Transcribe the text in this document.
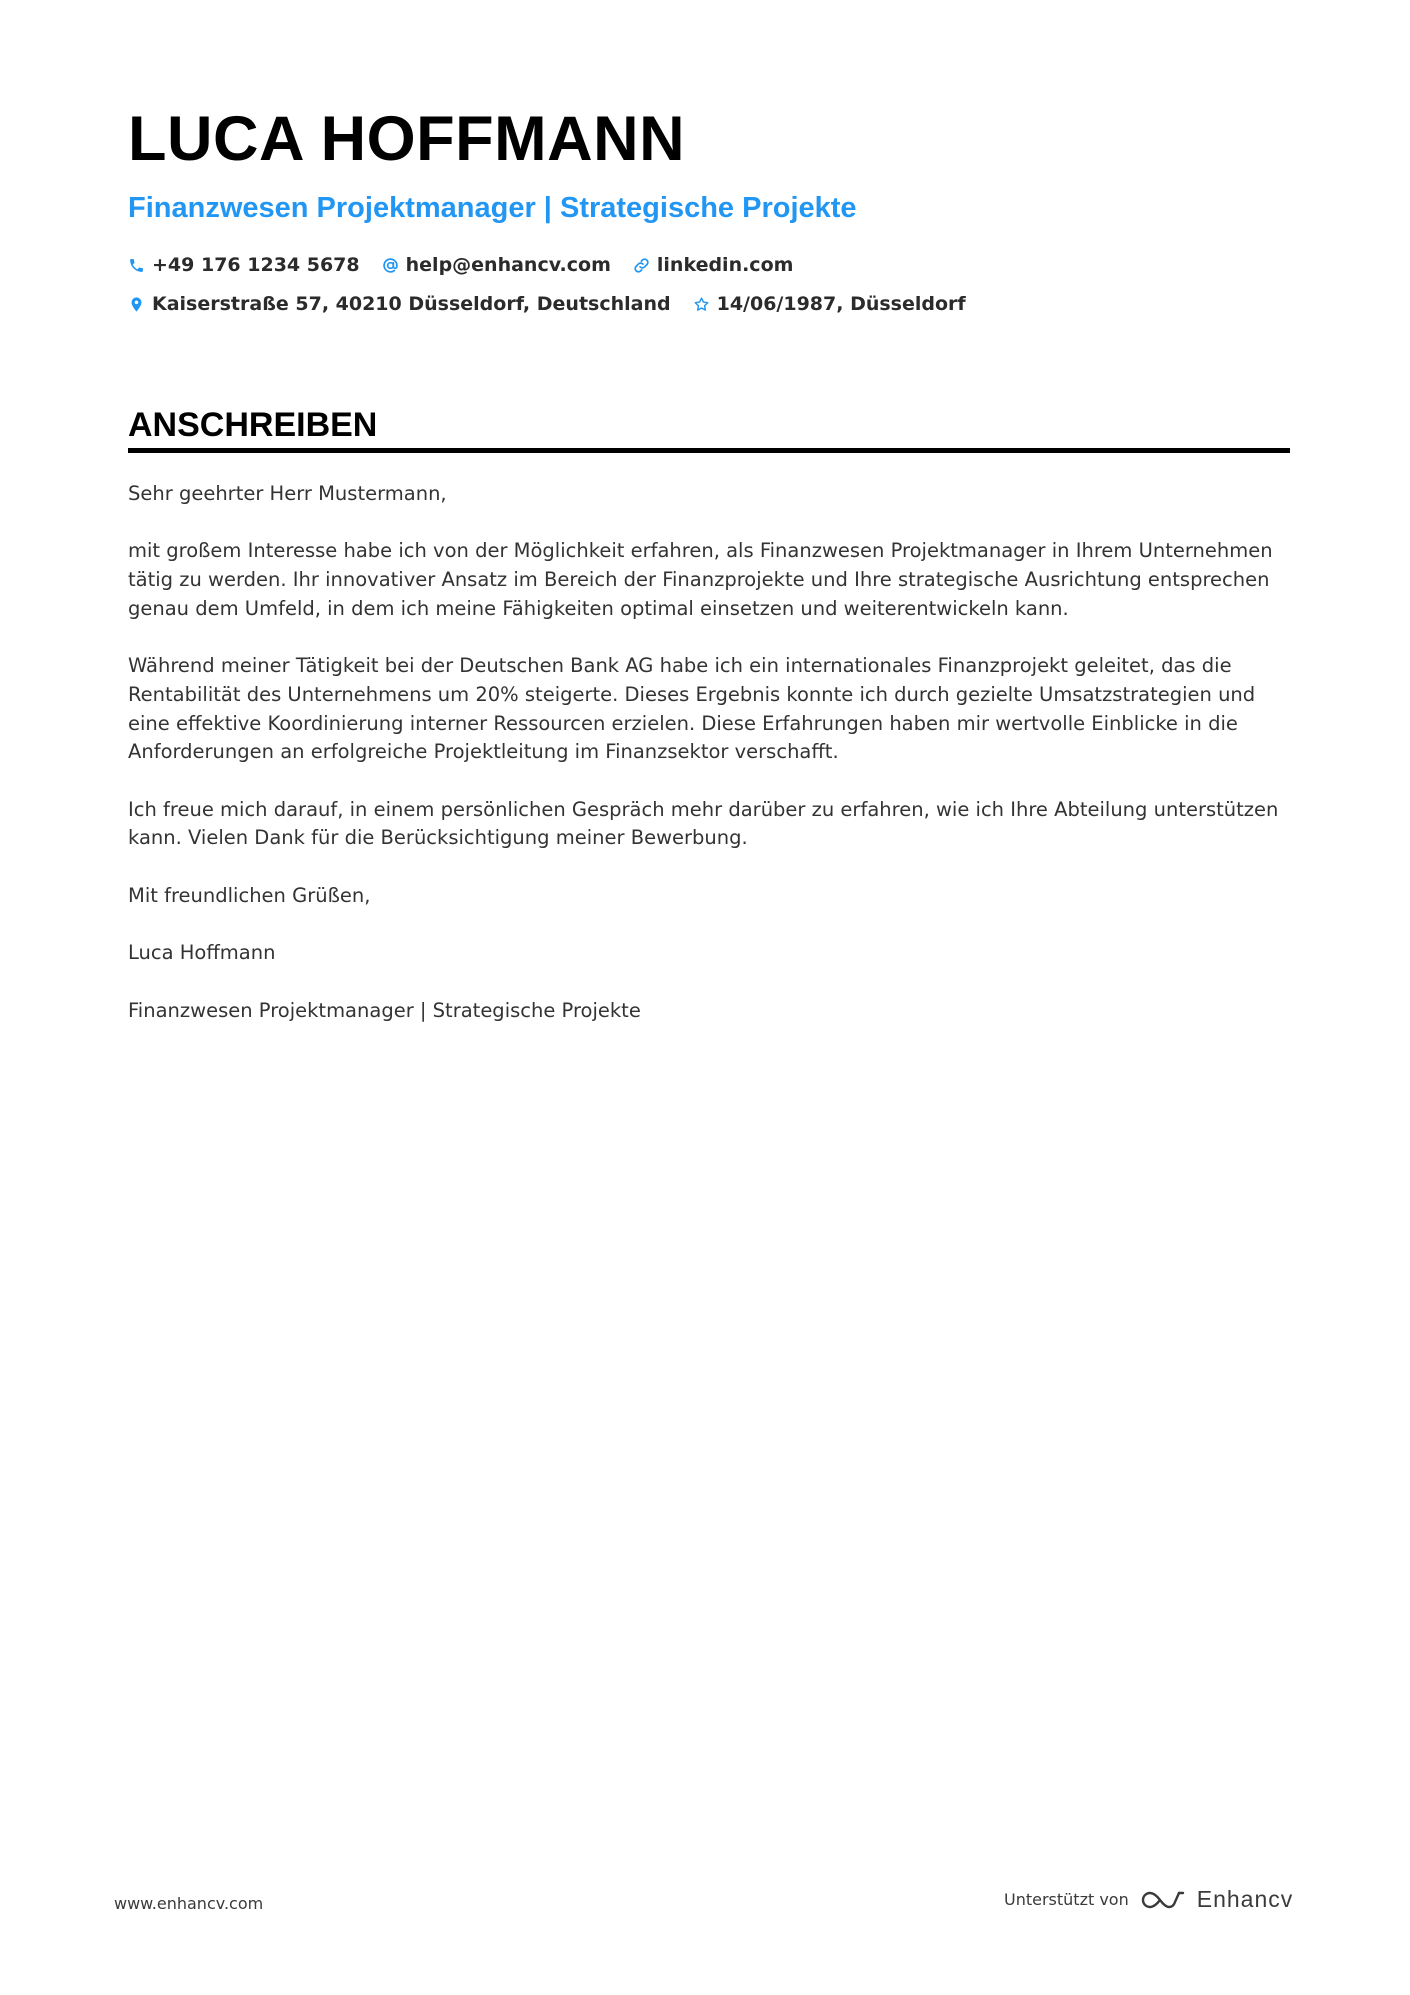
LUCA HOFFMANN
Finanzwesen Projektmanager | Strategische Projekte
+49 176 1234 5678 help@enhancv.com linkedin.com
Kaiserstraße 57, 40210 Düsseldorf, Deutschland 14/06/1987, Düsseldorf
ANSCHREIBEN

Sehr geehrter Herr Mustermann,

mit großem Interesse habe ich von der Möglichkeit erfahren, als Finanzwesen Projektmanager in Ihrem Unternehmen tätig zu werden. Ihr innovativer Ansatz im Bereich der Finanzprojekte und Ihre strategische Ausrichtung entsprechen genau dem Umfeld, in dem ich meine Fähigkeiten optimal einsetzen und weiterentwickeln kann.

Während meiner Tätigkeit bei der Deutschen Bank AG habe ich ein internationales Finanzprojekt geleitet, das die Rentabilität des Unternehmens um 20% steigerte. Dieses Ergebnis konnte ich durch gezielte Umsatzstrategien und eine effektive Koordinierung interner Ressourcen erzielen. Diese Erfahrungen haben mir wertvolle Einblicke in die Anforderungen an erfolgreiche Projektleitung im Finanzsektor verschafft.

Ich freue mich darauf, in einem persönlichen Gespräch mehr darüber zu erfahren, wie ich Ihre Abteilung unterstützen kann. Vielen Dank für die Berücksichtigung meiner Bewerbung.

Mit freundlichen Grüßen,

Luca Hoffmann

Finanzwesen Projektmanager | Strategische Projekte

www.enhancv.com	Unterstützt von	Enhancv
